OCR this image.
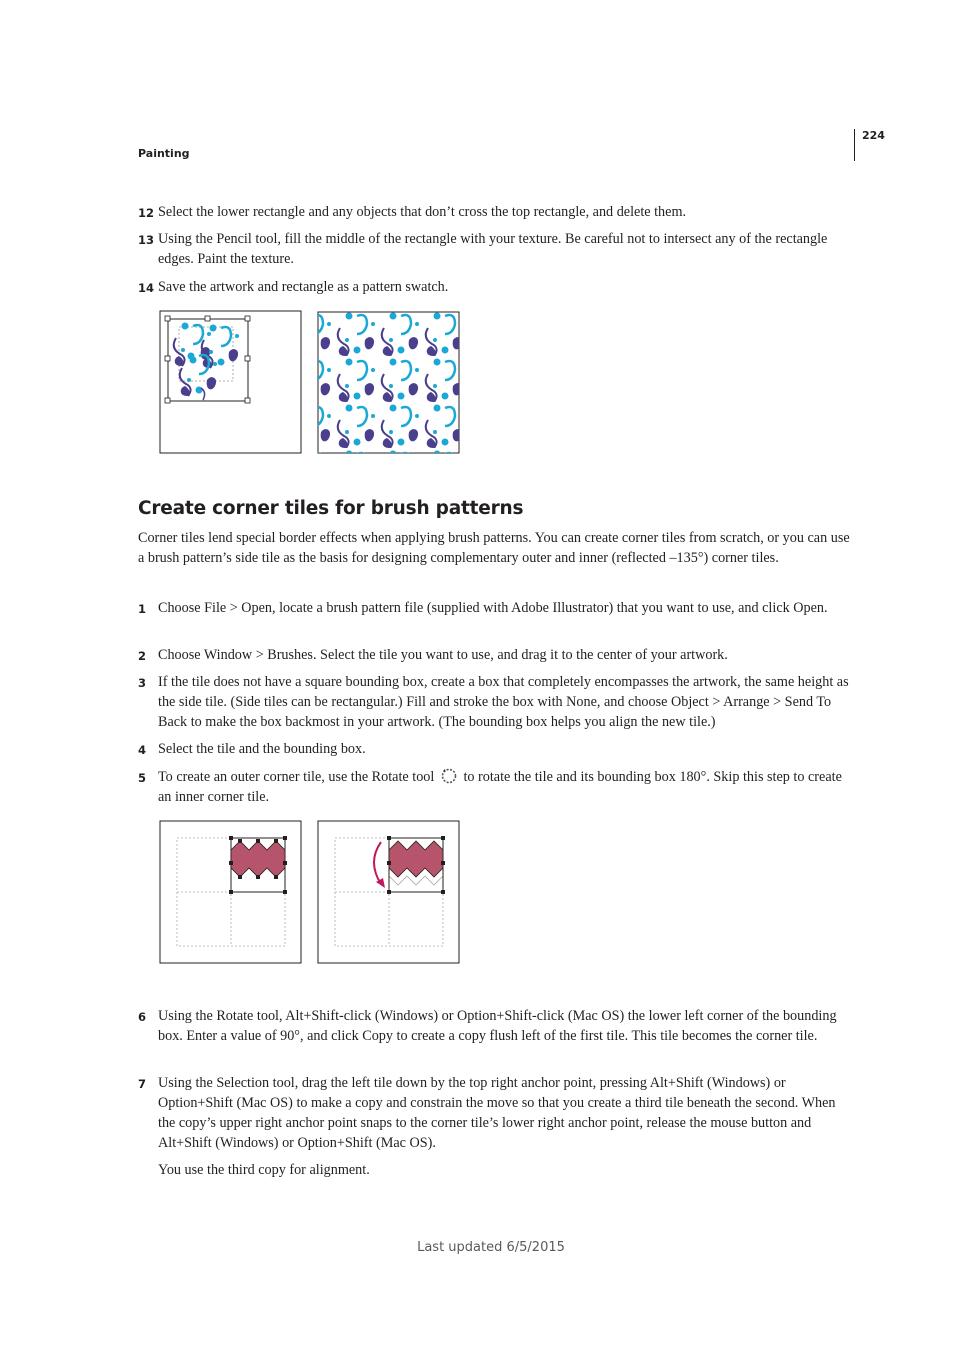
Painting
224
12 Select the lower rectangle and any objects that don’t cross the top rectangle, and delete them.
13 Using the Pencil tool, fill the middle of the rectangle with your texture. Be careful not to intersect any of the rectangle edges. Paint the texture.
14 Save the artwork and rectangle as a pattern swatch.
Create corner tiles for brush patterns
Corner tiles lend special border effects when applying brush patterns. You can create corner tiles from scratch, or you can use a brush pattern’s side tile as the basis for designing complementary outer and inner (reflected –135°) corner tiles.
1 Choose File > Open, locate a brush pattern file (supplied with Adobe Illustrator) that you want to use, and click Open.
2 Choose Window > Brushes. Select the tile you want to use, and drag it to the center of your artwork.
3 If the tile does not have a square bounding box, create a box that completely encompasses the artwork, the same height as the side tile. (Side tiles can be rectangular.) Fill and stroke the box with None, and choose Object > Arrange > Send To Back to make the box backmost in your artwork. (The bounding box helps you align the new tile.)
4 Select the tile and the bounding box.
5 To create an outer corner tile, use the Rotate tool to rotate the tile and its bounding box 180°. Skip this step to create an inner corner tile.
6 Using the Rotate tool, Alt+Shift-click (Windows) or Option+Shift-click (Mac OS) the lower left corner of the bounding box. Enter a value of 90°, and click Copy to create a copy flush left of the first tile. This tile becomes the corner tile.
7 Using the Selection tool, drag the left tile down by the top right anchor point, pressing Alt+Shift (Windows) or Option+Shift (Mac OS) to make a copy and constrain the move so that you create a third tile beneath the second. When the copy’s upper right anchor point snaps to the corner tile’s lower right anchor point, release the mouse button and Alt+Shift (Windows) or Option+Shift (Mac OS).
You use the third copy for alignment.
Last updated 6/5/2015
